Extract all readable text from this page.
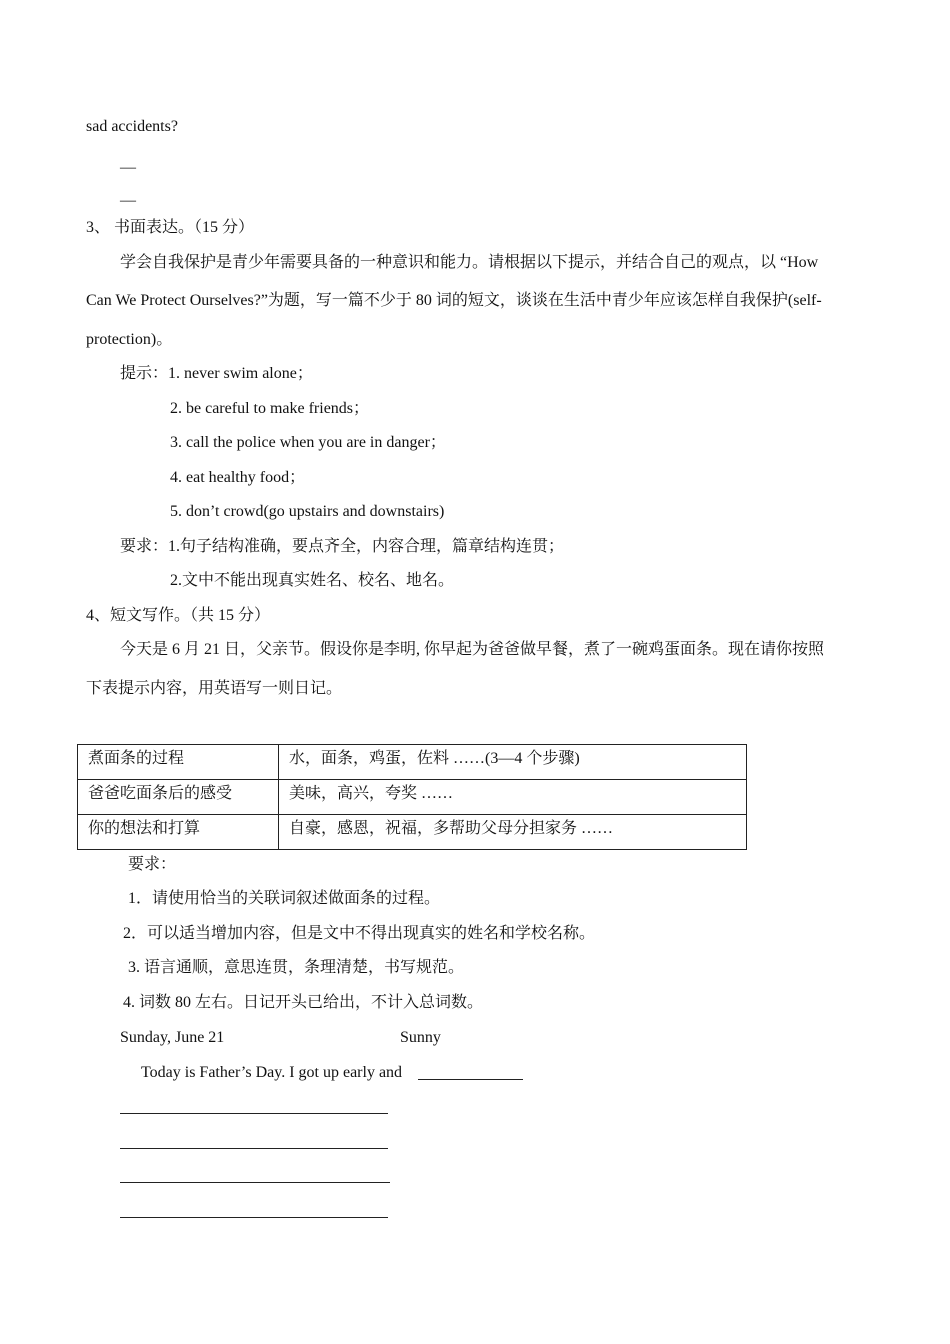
sad accidents?
—
—
3、 书面表达。（15 分）
学会自我保护是青少年需要具备的一种意识和能力。请根据以下提示，并结合自己的观点，以 “How
Can We Protect Ourselves?”为题，写一篇不少于 80 词的短文，谈谈在生活中青少年应该怎样自我保护(self-
protection)。
提示：1. never swim alone；
2. be careful to make friends；
3. call the police when you are in danger；
4. eat healthy food；
5. don’t crowd(go upstairs and downstairs)
要求：1.句子结构准确，要点齐全，内容合理，篇章结构连贯；
2.文中不能出现真实姓名、校名、地名。
4、短文写作。（共 15 分）
今天是 6 月 21 日，父亲节。假设你是李明, 你早起为爸爸做早餐，煮了一碗鸡蛋面条。现在请你按照
下表提示内容，用英语写一则日记。
煮面条的过程	水，面条，鸡蛋，佐料 ……(3—4 个步骤)
爸爸吃面条后的感受	美味，高兴，夸奖 ……
你的想法和打算	自豪，感恩，祝福，多帮助父母分担家务 ……
要求：
1．请使用恰当的关联词叙述做面条的过程。
2．可以适当增加内容，但是文中不得出现真实的姓名和学校名称。
3. 语言通顺，意思连贯，条理清楚，书写规范。
4. 词数 80 左右。日记开头已给出，不计入总词数。
Sunday, June 21	Sunny
Today is Father’s Day. I got up early and
